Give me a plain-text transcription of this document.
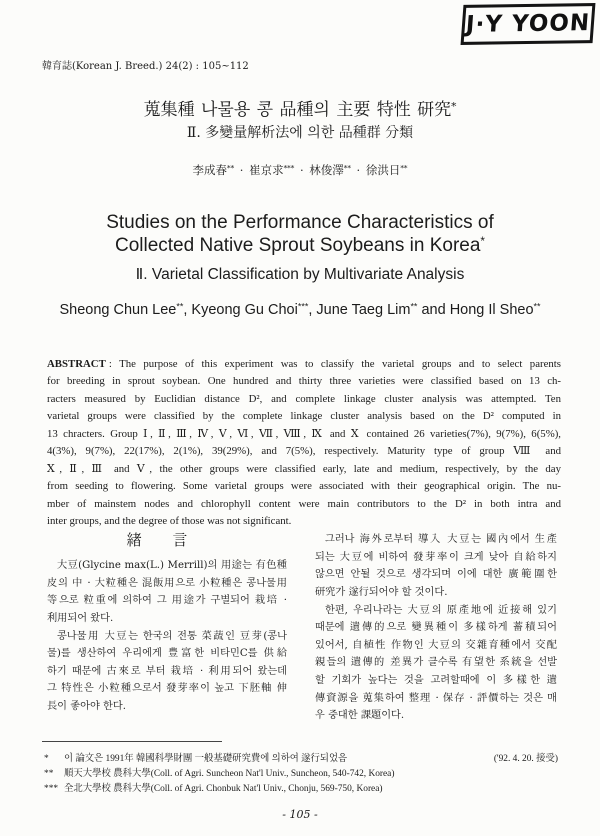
J·Y YOON
韓育誌(Korean J. Breed.) 24(2) : 105~112
蒐集種 나물용 콩 品種의 主要 特性 研究*
Ⅱ. 多變量解析法에 의한 品種群 分類
李成春** · 崔京求*** · 林俊澤** · 徐洪日**
Studies on the Performance Characteristics of
Collected Native Sprout Soybeans in Korea*
Ⅱ. Varietal Classification by Multivariate Analysis
Sheong Chun Lee**, Kyeong Gu Choi***, June Taeg Lim** and Hong Il Sheo**
ABSTRACT : The purpose of this experiment was to classify the varietal groups and to select parents
for breeding in sprout soybean. One hundred and thirty three varieties were classified based on 13 ch-
racters measured by Euclidian distance D², and complete linkage cluster analysis was attempted. Ten
varietal groups were classified by the complete linkage cluster analysis based on the D² computed in
13 chracters. Group Ⅰ, Ⅱ, Ⅲ, Ⅳ, Ⅴ, Ⅵ, Ⅶ, Ⅷ, Ⅸ and Ⅹ contained 26 varieties(7%), 9(7%), 6(5%),
4(3%), 9(7%), 22(17%), 2(1%), 39(29%), and 7(5%), respectively. Maturity type of group Ⅷ and
Ⅹ, Ⅱ, Ⅲ and Ⅴ, the other groups were classified early, late and medium, respectively, by the day
from seeding to flowering. Some varietal groups were associated with their geographical origin. The nu-
mber of mainstem nodes and chlorophyll content were main contributors to the D² in both intra and
inter groups, and the degree of those was not significant.
緖 言
大豆(Glycine max(L.) Merrill)의 用途는 有色種
皮의 中 · 大粒種은 混飯用으로 小粒種은 콩나물用
等으로 粒重에 의하여 그 用途가 구별되어 栽培 ·
利用되어 왔다.
콩나물用 大豆는 한국의 전통 菜蔬인 豆芽(콩나
물)를 생산하여 우리에게 豊富한 비타민C를 供給
하기 때문에 古來로 부터 栽培 · 利用되어 왔는데
그 特性은 小粒種으로서 發芽率이 높고 下胚軸 伸
長이 좋아야 한다.
그러나 海外로부터 導入 大豆는 國內에서 生產
되는 大豆에 비하여 發芽率이 크게 낮아 自給하지
않으면 안될 것으로 생각되며 이에 대한 廣範圍한
研究가 遂行되어야 할 것이다.
한편, 우리나라는 大豆의 原產地에 近接해 있기
때문에 遺傳的으로 變異種이 多樣하게 蓄積되어
있어서, 自植性 作物인 大豆의 交雜育種에서 交配
親들의 遺傳的 差異가 클수록 有望한 系統을 선발
할 기회가 높다는 것을 고려할때에 이 多樣한 遺
傳資源을 蒐集하여 整理 · 保存 · 評價하는 것은 매
우 중대한 課題이다.
* 이 論文은 1991年 韓國科學財團 一般基礎研究費에 의하여 遂行되었음	('92. 4. 20. 接受)
** 順天大學校 農科大學(Coll. of Agri. Suncheon Nat'l Univ., Suncheon, 540-742, Korea)
*** 全北大學校 農科大學(Coll. of Agri. Chonbuk Nat'l Univ., Chonju, 569-750, Korea)
- 105 -
